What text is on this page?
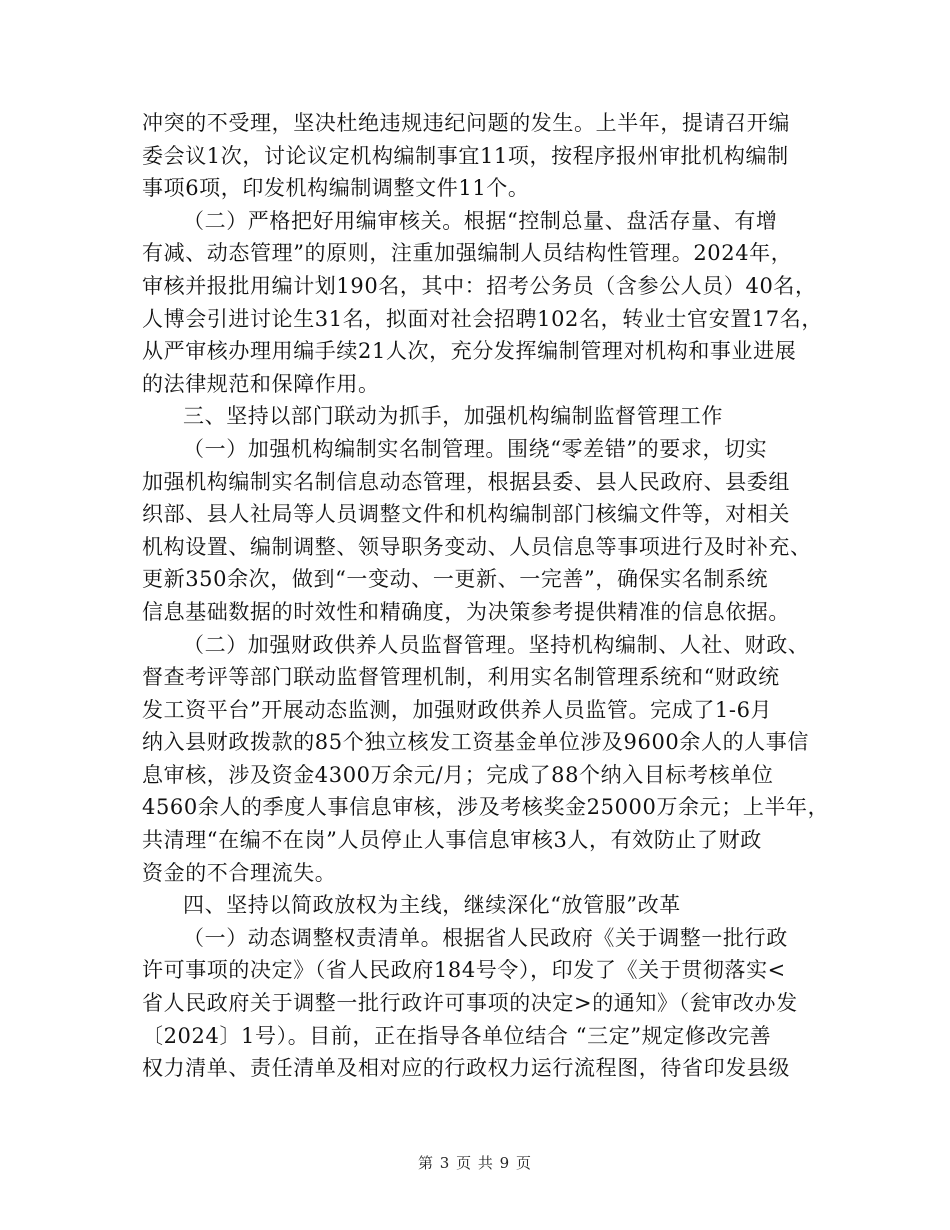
冲突的不受理，坚决杜绝违规违纪问题的发生。上半年，提请召开编
委会议1次，讨论议定机构编制事宜11项，按程序报州审批机构编制
事项6项，印发机构编制调整文件11个。
（二）严格把好用编审核关。根据“控制总量、盘活存量、有增
有减、动态管理”的原则，注重加强编制人员结构性管理。2024年，
审核并报批用编计划190名，其中：招考公务员（含参公人员）40名，
人博会引进讨论生31名，拟面对社会招聘102名，转业士官安置17名，
从严审核办理用编手续21人次，充分发挥编制管理对机构和事业进展
的法律规范和保障作用。
三、坚持以部门联动为抓手，加强机构编制监督管理工作
（一）加强机构编制实名制管理。围绕“零差错”的要求，切实
加强机构编制实名制信息动态管理，根据县委、县人民政府、县委组
织部、县人社局等人员调整文件和机构编制部门核编文件等，对相关
机构设置、编制调整、领导职务变动、人员信息等事项进行及时补充、
更新350余次，做到“一变动、一更新、一完善”，确保实名制系统
信息基础数据的时效性和精确度，为决策参考提供精准的信息依据。
（二）加强财政供养人员监督管理。坚持机构编制、人社、财政、
督查考评等部门联动监督管理机制，利用实名制管理系统和“财政统
发工资平台”开展动态监测，加强财政供养人员监管。完成了1-6月
纳入县财政拨款的85个独立核发工资基金单位涉及9600余人的人事信
息审核，涉及资金4300万余元/月；完成了88个纳入目标考核单位
4560余人的季度人事信息审核，涉及考核奖金25000万余元；上半年，
共清理“在编不在岗”人员停止人事信息审核3人，有效防止了财政
资金的不合理流失。
四、坚持以简政放权为主线，继续深化“放管服”改革
（一）动态调整权责清单。根据省人民政府《关于调整一批行政
许可事项的决定》（省人民政府184号令），印发了《关于贯彻落实<
省人民政府关于调整一批行政许可事项的决定>的通知》（瓮审改办发
〔2024〕1号）。目前，正在指导各单位结合 “三定”规定修改完善
权力清单、责任清单及相对应的行政权力运行流程图，待省印发县级
第 3 页 共 9 页
